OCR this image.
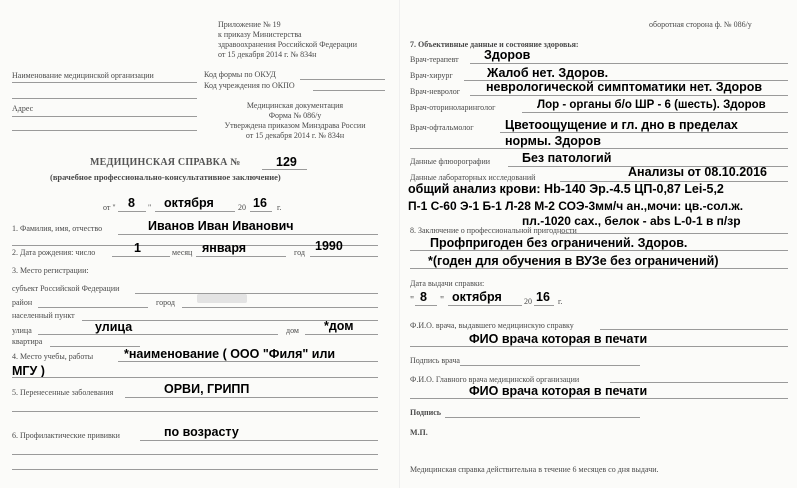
Приложение № 19
к приказу Министерства
здравоохранения Российской Федерации
от 15 декабря 2014 г. № 834н
Наименование медицинской организации	Код формы по ОКУД
Код учреждения по ОКПО
Адрес	Медицинская документация
Форма № 086/у
Утверждена приказом Минздрава России
от 15 декабря 2014 г. № 834н
МЕДИЦИНСКАЯ СПРАВКА №	129
(врачебное профессионально-консультативное заключение)
от " 8 " октября	20 16 г.
1. Фамилия, имя, отчество	Иванов Иван Иванович
2. Дата рождения: число	1	месяц января	год 1990
3. Место регистрации:
субъект Российской Федерации
район	город
населенный пункт
улица	улица	дом *дом
квартира
4. Место учебы, работы *наименование ( ООО "Филя" или
МГУ )
5. Перенесенные заболевания	ОРВИ, ГРИПП
6. Профилактические прививки	по возрасту
оборотная сторона ф. № 086/у
7. Объективные данные и состояние здоровья:
Врач-терапевт Здоров
Врач-хирург	Жалоб нет. Здоров.
Врач-невролог неврологической симптоматики нет. Здоров
Врач-оториноларинголог	Лор - органы б/о ШР - 6 (шесть). Здоров
Врач-офтальмолог	Цветоощущение и гл. дно в пределах
нормы. Здоров
Данные флюорографии	Без патологий
Данные лабораторных исследований	Анализы от 08.10.2016
общий анализ крови: Hb-140 Эр.-4.5 ЦП-0,87 Lei-5,2
П-1 С-60 Э-1 Б-1 Л-28 М-2 СОЭ-3мм/ч ан.,мочи: цв.-сол.ж.
пл.-1020 сах., белок - abs L-0-1 в п/зр
8. Заключение о профессиональной пригодности
Профпригоден без ограничений. Здоров.
*(годен для обучения в ВУЗе без ограничений)
Дата выдачи справки:
" 8 " октября	20 16 г.
Ф.И.О. врача, выдавшего медицинскую справку
ФИО врача которая в печати
Подпись врача
Ф.И.О. Главного врача медицинской организации
ФИО врача которая в печати
Подпись
М.П.
Медицинская справка действительна в течение 6 месяцев со дня выдачи.
